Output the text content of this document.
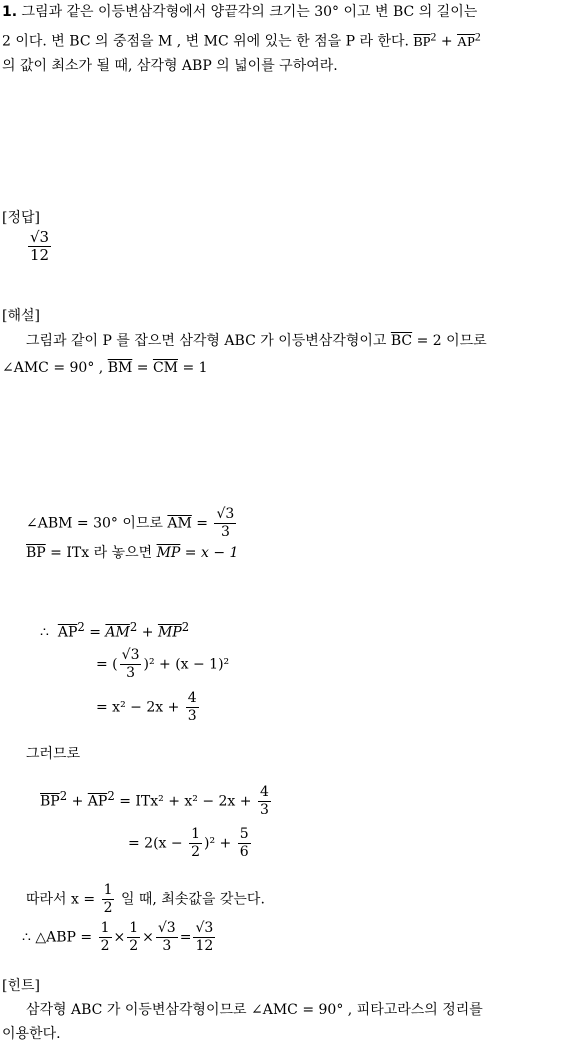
1. 그림과 같은 이등변삼각형에서 양끝각의 크기는 30° 이고 변 BC 의 길이는
2 이다. 변 BC 의 중점을 M , 변 MC 위에 있는 한 점을 P 라 한다. $\overline{BP}^2 + \overline{AP}^2$
의 값이 최소가 될 때, 삼각형 ABP 의 넓이를 구하여라.
[정답]
$\frac{√3}{12}$
[해설]
그림과 같이 P 를 잡으면 삼각형 ABC 가 이등변삼각형이고 $\overline{BC} = 2$ 이므로
∠AMC = 90° , $\overline{BM} = \overline{CM} = 1$
∠ABM = 30° 이므로 $\overline{AM} = \frac{√3}{3}$
$\overline{BP}$ = ITx 라 놓으면 $\overline{MP} = x - 1$
∴ $\overline{AP}^2 = \overline{AM}^2 + \overline{MP}^2$
= ( $\frac{√3}{3} )^2 + (x - 1)^2$
= $x^2 - 2x + \frac{4}{3}$
그러므로
$\overline{BP}^2 + \overline{AP}^2 = ITx^2 + x^2 - 2x + \frac{4}{3}$
= $2(x - \frac{1}{2} )^2 + \frac{5}{6}$
따라서 $x = \frac{1}{2}$ 일 때, 최솟값을 갖는다.
∴ △ABP = $\frac{1}{2} \times \frac{1}{2} \times \frac{√3}{3} = \frac{√3}{12}$
[힌트]
삼각형 ABC 가 이등변삼각형이므로 ∠AMC = 90° , 피타고라스의 정리를
이용한다.
